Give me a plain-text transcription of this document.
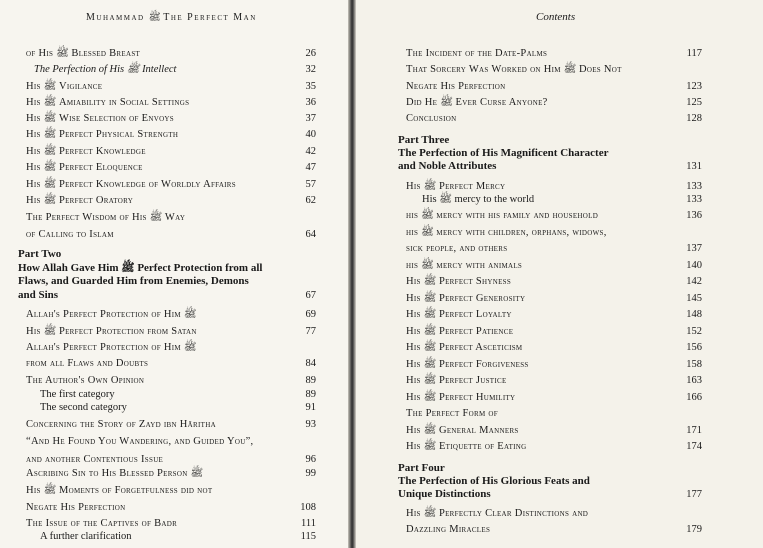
Muhammad ﷺ The Perfect Man
of His ﷺ Blessed Breast	26
The Perfection of His ﷺ Intellect	32
His ﷺ Vigilance	35
His ﷺ Amiability in Social Settings	36
His ﷺ Wise Selection of Envoys	37
His ﷺ Perfect Physical Strength	40
His ﷺ Perfect Knowledge	42
His ﷺ Perfect Eloquence	47
His ﷺ Perfect Knowledge of Worldly Affairs	57
His ﷺ Perfect Oratory	62
The Perfect Wisdom of His ﷺ Way
of Calling to Islam	64
Part Two
How Allah Gave Him ﷺ Perfect Protection from all
Flaws, and Guarded Him from Enemies, Demons
and Sins	67
Allah's Perfect Protection of Him ﷺ	69
His ﷺ Perfect Protection from Satan	77
Allah's Perfect Protection of Him ﷺ
from all Flaws and Doubts	84
The Author's Own Opinion	89
The first category	89
The second category	91
Concerning the Story of Zayd ibn Hāritha	93
“And He Found You Wandering, and Guided You”,
and another Contentious Issue	96
Ascribing Sin to His Blessed Person ﷺ	99
His ﷺ Moments of Forgetfulness did not
Negate His Perfection	108
The Issue of the Captives of Badr	111
A further clarification	115
Contents
The Incident of the Date-Palms	117
That Sorcery Was Worked on Him ﷺ Does Not
Negate His Perfection	123
Did He ﷺ Ever Curse Anyone?	125
Conclusion	128
Part Three
The Perfection of His Magnificent Character
and Noble Attributes	131
His ﷺ Perfect Mercy	133
His ﷺ mercy to the world	133
his ﷺ mercy with his family and household	136
his ﷺ mercy with children, orphans, widows,
sick people, and others	137
his ﷺ mercy with animals	140
His ﷺ Perfect Shyness	142
His ﷺ Perfect Generosity	145
His ﷺ Perfect Loyalty	148
His ﷺ Perfect Patience	152
His ﷺ Perfect Asceticism	156
His ﷺ Perfect Forgiveness	158
His ﷺ Perfect Justice	163
His ﷺ Perfect Humility	166
The Perfect Form of
His ﷺ General Manners	171
His ﷺ Etiquette of Eating	174
Part Four
The Perfection of His Glorious Feats and
Unique Distinctions	177
His ﷺ Perfectly Clear Distinctions and
Dazzling Miracles	179
